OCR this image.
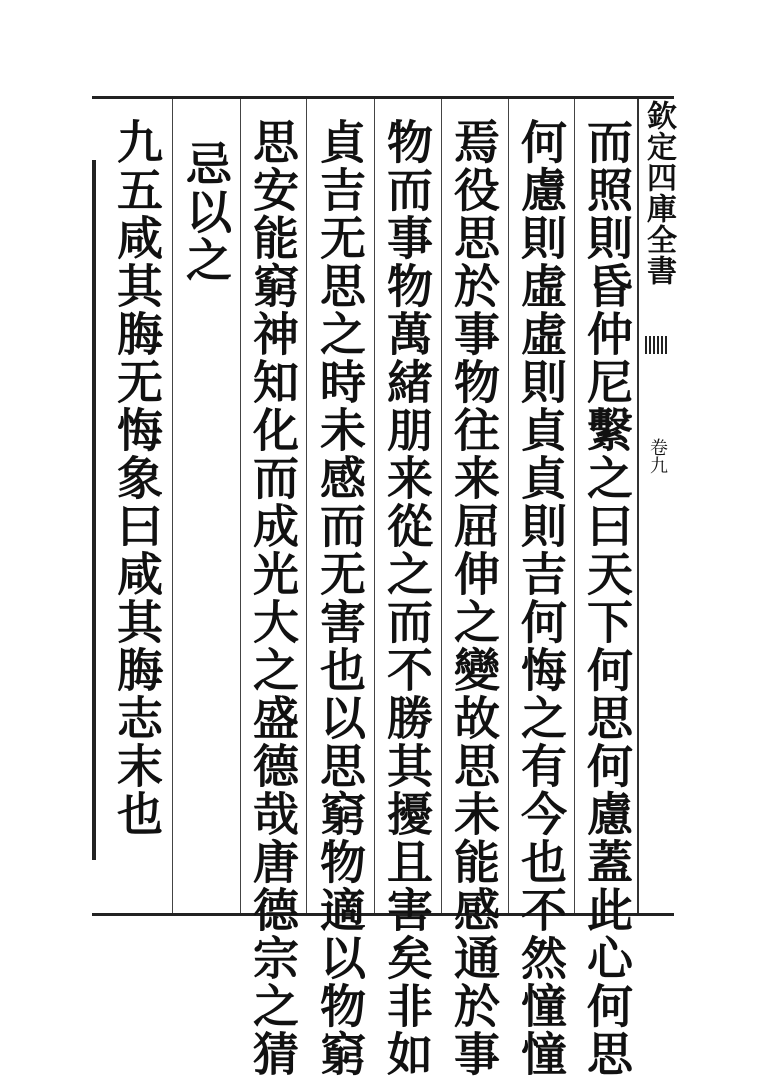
欽定四庫全書
卷九
而照則昏仲尼繫之曰天下何思何慮蓋此心何思
何慮則虛虛則貞貞則吉何悔之有今也不然憧憧
焉役思於事物往来屈伸之變故思未能感通於事
物而事物萬緒朋来從之而不勝其擾且害矣非如
貞吉无思之時未感而无害也以思窮物適以物窮
思安能窮神知化而成光大之盛德哉唐德宗之猜
忌以之
九五咸其脢无悔象曰咸其脢志末也
